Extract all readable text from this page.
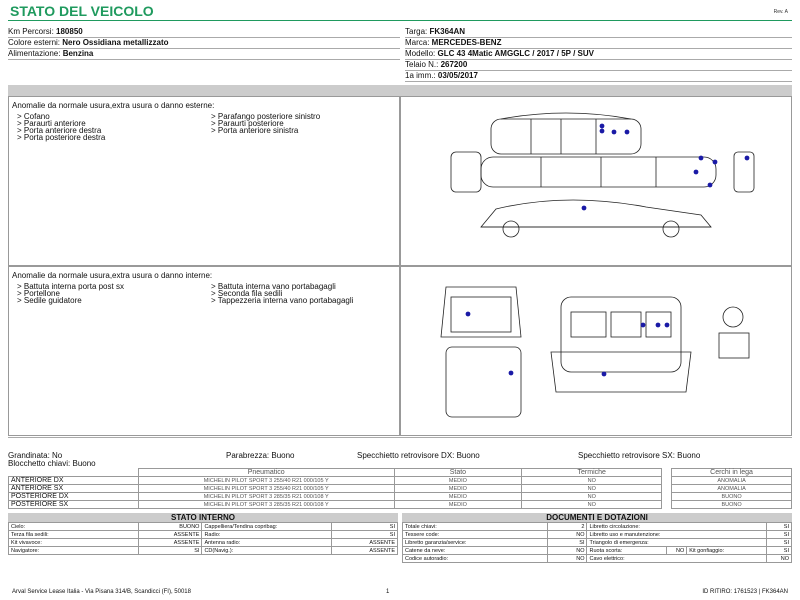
STATO DEL VEICOLO	Rev. A
Km Percorsi: 180850
Colore esterni: Nero Ossidiana metallizzato
Alimentazione: Benzina
Targa: FK364AN
Marca: MERCEDES-BENZ
Modello: GLC 43 4Matic AMGGLC / 2017 / 5P / SUV
Telaio N.: 267200
1a imm.: 03/05/2017
Anomalie da normale usura,extra usura o danno esterne:
> Cofano
> Paraurti anteriore
> Porta anteriore destra
> Porta posteriore destra
> Parafango posteriore sinistro
> Paraurti posteriore
> Porta anteriore sinistra
Anomalie da normale usura,extra usura o danno interne:
> Battuta interna porta post sx
> Portellone
> Sedile guidatore
> Battuta interna vano portabagagli
> Seconda fila sedili
> Tappezzeria interna vano portabagagli
Grandinata: No	Parabrezza: Buono	Specchietto retrovisore DX: Buono	Specchietto retrovisore SX: Buono
Blocchetto chiavi: Buono
	Pneumatico	Stato	Termiche		Cerchi in lega
ANTERIORE DX	MICHELIN PILOT SPORT 3 255/40 R21 000/105 Y	MEDIO	NO		ANOMALIA
ANTERIORE SX	MICHELIN PILOT SPORT 3 255/40 R21 000/105 Y	MEDIO	NO		ANOMALIA
POSTERIORE DX	MICHELIN PILOT SPORT 3 285/35 R21 000/108 Y	MEDIO	NO		BUONO
POSTERIORE SX	MICHELIN PILOT SPORT 3 285/35 R21 000/108 Y	MEDIO	NO		BUONO
STATO INTERNO
Cielo:	BUONO	Cappelliera/Tendina copribag:	SI
Terza fila sedili:	ASSENTE	Radio:	SI
Kit vivavoce:	ASSENTE	Antenna radio:	ASSENTE
Navigatore:	SI	CD(Navig.):	ASSENTE
DOCUMENTI E DOTAZIONI
Totale chiavi:	2	Libretto circolazione:			SI
Tessere code:	NO	Libretto uso e manutenzione:			SI
Libretto garanzia/service:	SI	Triangolo di emergenza:			SI
Catene da neve:	NO	Ruota scorta:	NO	Kit gonfiaggio:	SI
Codice autoradio:	NO	Cavo elettrico:			NO
Arval Service Lease Italia - Via Pisana 314/B, Scandicci (FI), 50018	1	ID RITIRO: 1761523 | FK364AN
